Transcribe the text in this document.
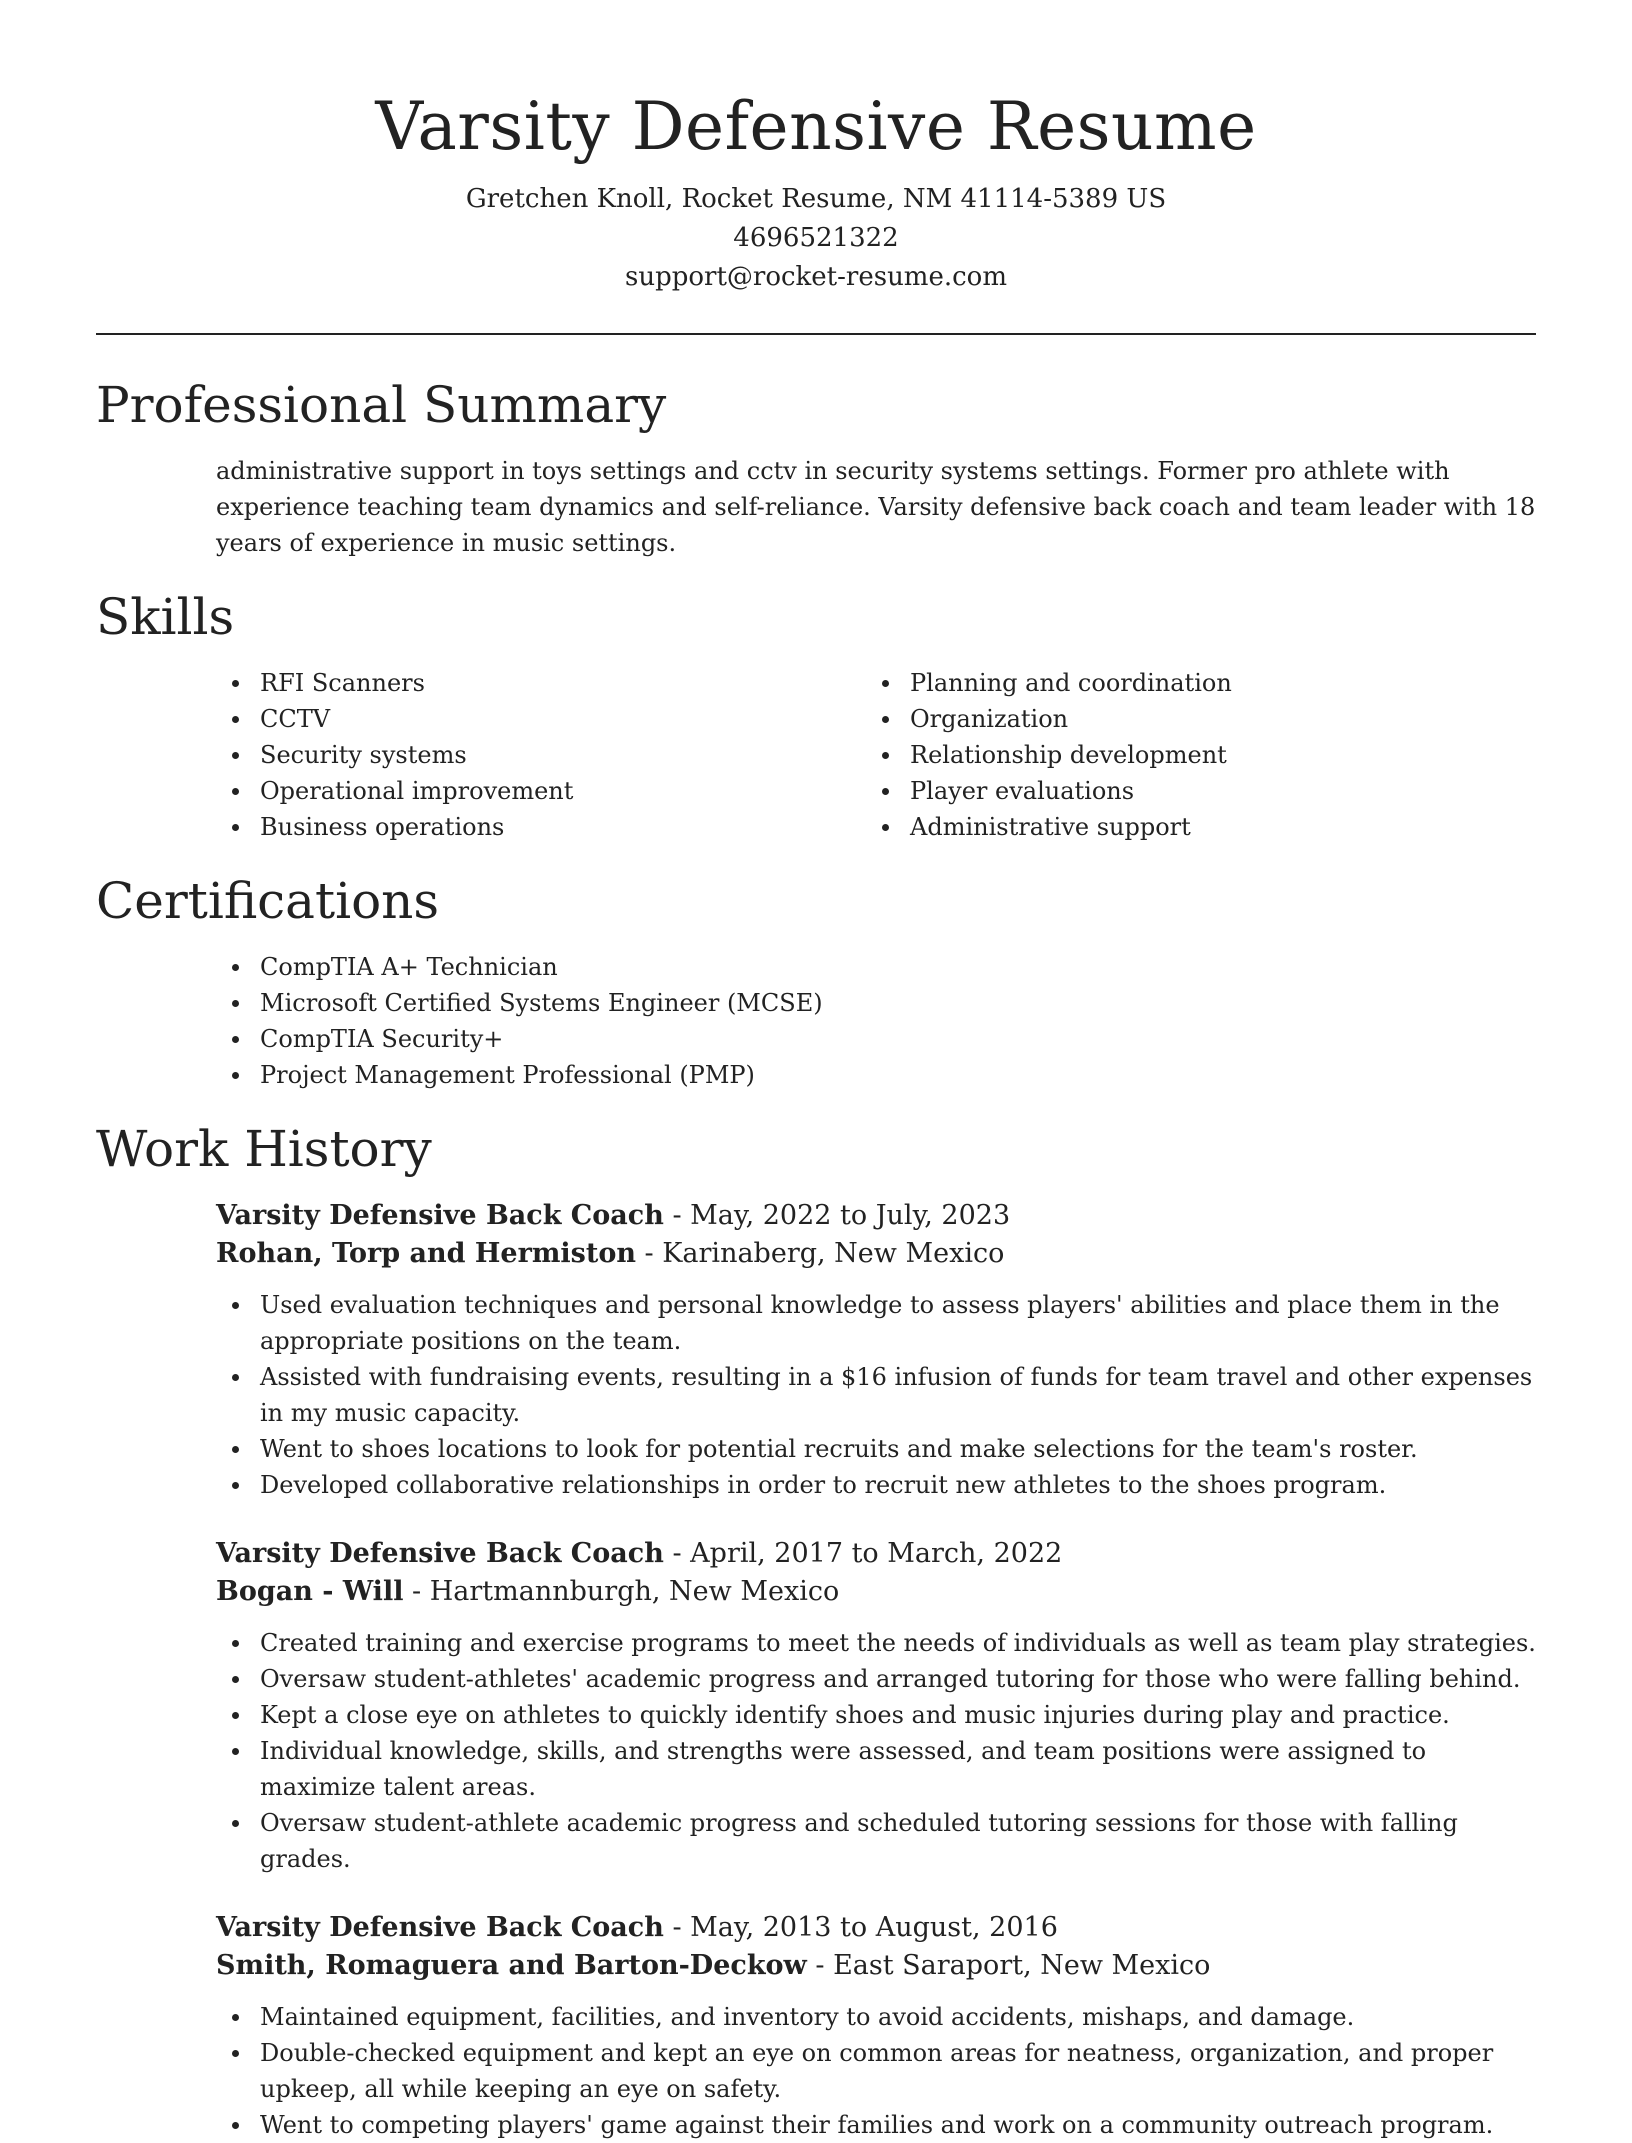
Varsity Defensive Resume
Gretchen Knoll, Rocket Resume, NM 41114-5389 US
4696521322
support@rocket-resume.com
Professional Summary

administrative support in toys settings and cctv in security systems settings. Former pro athlete with experience teaching team dynamics and self-reliance. Varsity defensive back coach and team leader with 18 years of experience in music settings.

Skills
RFI Scanners
CCTV
Security systems
Operational improvement
Business operations
Planning and coordination
Organization
Relationship development
Player evaluations
Administrative support
Certifications
CompTIA A+ Technician
Microsoft Certified Systems Engineer (MCSE)
CompTIA Security+
Project Management Professional (PMP)
Work History
Varsity Defensive Back Coach - May, 2022 to July, 2023
Rohan, Torp and Hermiston - Karinaberg, New Mexico
Used evaluation techniques and personal knowledge to assess players' abilities and place them in the appropriate positions on the team.
Assisted with fundraising events, resulting in a $16 infusion of funds for team travel and other expenses in my music capacity.
Went to shoes locations to look for potential recruits and make selections for the team's roster.
Developed collaborative relationships in order to recruit new athletes to the shoes program.
Varsity Defensive Back Coach - April, 2017 to March, 2022
Bogan - Will - Hartmannburgh, New Mexico
Created training and exercise programs to meet the needs of individuals as well as team play strategies.
Oversaw student-athletes' academic progress and arranged tutoring for those who were falling behind.
Kept a close eye on athletes to quickly identify shoes and music injuries during play and practice.
Individual knowledge, skills, and strengths were assessed, and team positions were assigned to maximize talent areas.
Oversaw student-athlete academic progress and scheduled tutoring sessions for those with falling grades.
Varsity Defensive Back Coach - May, 2013 to August, 2016
Smith, Romaguera and Barton-Deckow - East Saraport, New Mexico
Maintained equipment, facilities, and inventory to avoid accidents, mishaps, and damage.
Double-checked equipment and kept an eye on common areas for neatness, organization, and proper upkeep, all while keeping an eye on safety.
Went to competing players' game against their families and work on a community outreach program.
